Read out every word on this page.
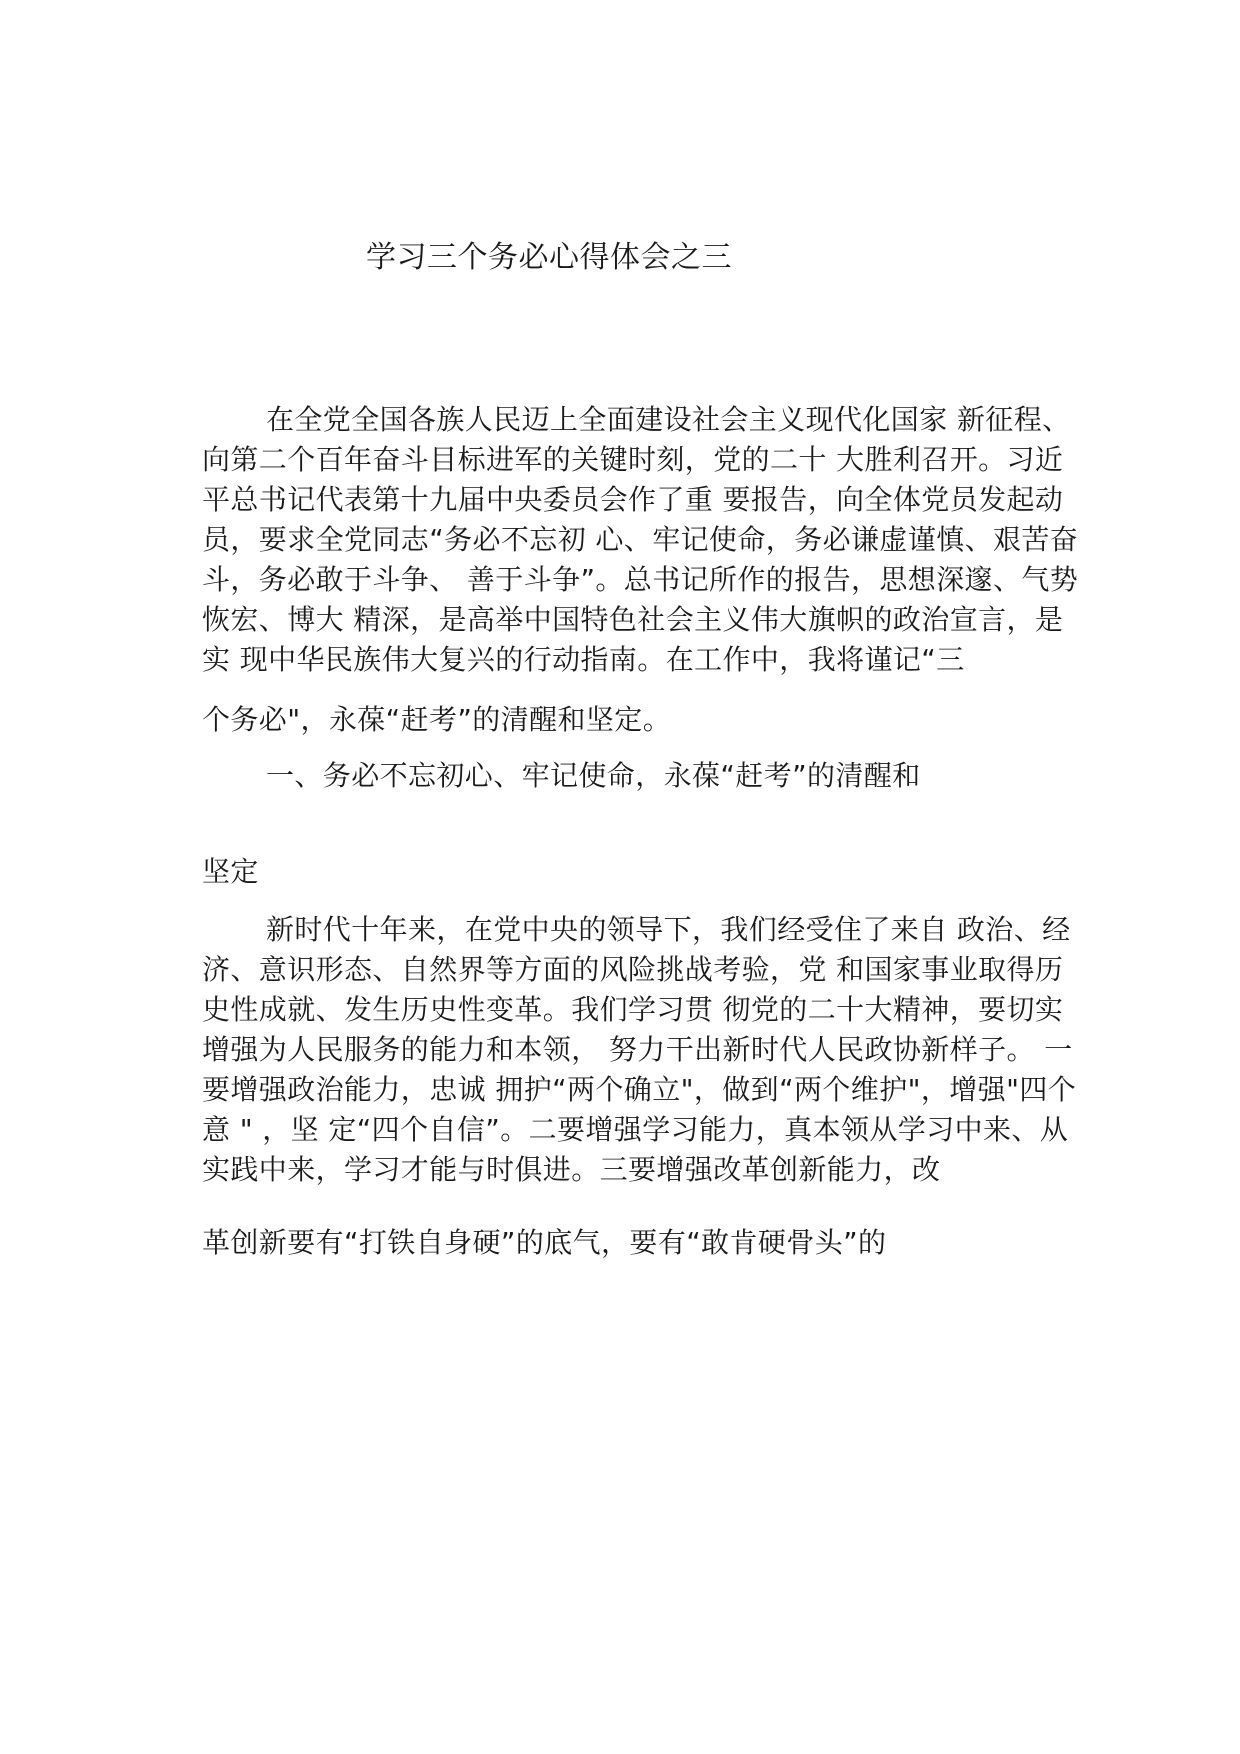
学习三个务必心得体会之三
在全党全国各族人民迈上全面建设社会主义现代化国家 新征程、
向第二个百年奋斗目标进军的关键时刻，党的二十 大胜利召开。习近
平总书记代表第十九届中央委员会作了重 要报告，向全体党员发起动
员，要求全党同志“务必不忘初 心、牢记使命，务必谦虚谨慎、艰苦奋
斗，务必敢于斗争、 善于斗争”。总书记所作的报告，思想深邃、气势
恢宏、博大 精深，是高举中国特色社会主义伟大旗帜的政治宣言，是
实 现中华民族伟大复兴的行动指南。在工作中，我将谨记“三
个务必"，永葆“赶考”的清醒和坚定。
一、务必不忘初心、牢记使命，永葆“赶考”的清醒和
坚定
新时代十年来，在党中央的领导下，我们经受住了来自 政治、经
济、意识形态、自然界等方面的风险挑战考验，党 和国家事业取得历
史性成就、发生历史性变革。我们学习贯 彻党的二十大精神，要切实
增强为人民服务的能力和本领， 努力干出新时代人民政协新样子。 一
要增强政治能力，忠诚 拥护“两个确立"，做到“两个维护"，增强"四个
意 " ，坚 定“四个自信”。二要增强学习能力，真本领从学习中来、从
实践中来，学习才能与时俱进。三要增强改革创新能力，改
革创新要有“打铁自身硬”的底气，要有“敢肯硬骨头”的
